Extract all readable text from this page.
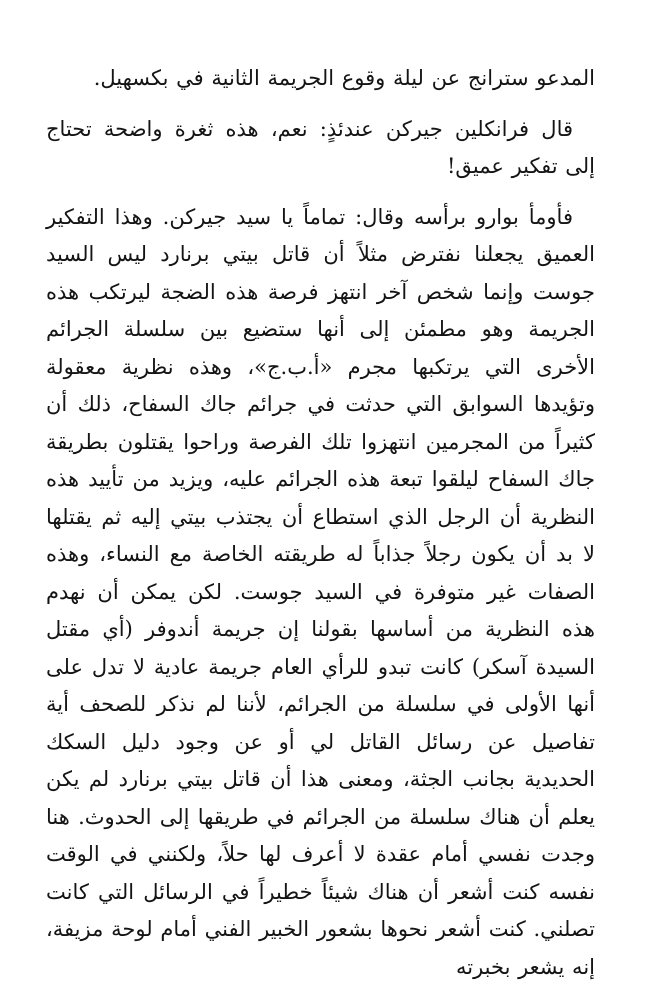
المدعو سترانج عن ليلة وقوع الجريمة الثانية في بكسهيل.

قال فرانكلين جيركن عندئذٍ: نعم، هذه ثغرة واضحة تحتاج إلى تفكير عميق!

فأومأ بوارو برأسه وقال: تماماً يا سيد جيركن. وهذا التفكير العميق يجعلنا نفترض مثلاً أن قاتل بيتي برنارد ليس السيد جوست وإنما شخص آخر انتهز فرصة هذه الضجة ليرتكب هذه الجريمة وهو مطمئن إلى أنها ستضيع بين سلسلة الجرائم الأخرى التي يرتكبها مجرم «أ.ب.ج»، وهذه نظرية معقولة وتؤيدها السوابق التي حدثت في جرائم جاك السفاح، ذلك أن كثيراً من المجرمين انتهزوا تلك الفرصة وراحوا يقتلون بطريقة جاك السفاح ليلقوا تبعة هذه الجرائم عليه، ويزيد من تأييد هذه النظرية أن الرجل الذي استطاع أن يجتذب بيتي إليه ثم يقتلها لا بد أن يكون رجلاً جذاباً له طريقته الخاصة مع النساء، وهذه الصفات غير متوفرة في السيد جوست. لكن يمكن أن نهدم هذه النظرية من أساسها بقولنا إن جريمة أندوفر (أي مقتل السيدة آسكر) كانت تبدو للرأي العام جريمة عادية لا تدل على أنها الأولى في سلسلة من الجرائم، لأننا لم نذكر للصحف أية تفاصيل عن رسائل القاتل لي أو عن وجود دليل السكك الحديدية بجانب الجثة، ومعنى هذا أن قاتل بيتي برنارد لم يكن يعلم أن هناك سلسلة من الجرائم في طريقها إلى الحدوث. هنا وجدت نفسي أمام عقدة لا أعرف لها حلاً، ولكنني في الوقت نفسه كنت أشعر أن هناك شيئاً خطيراً في الرسائل التي كانت تصلني. كنت أشعر نحوها بشعور الخبير الفني أمام لوحة مزيفة، إنه يشعر بخبرته
